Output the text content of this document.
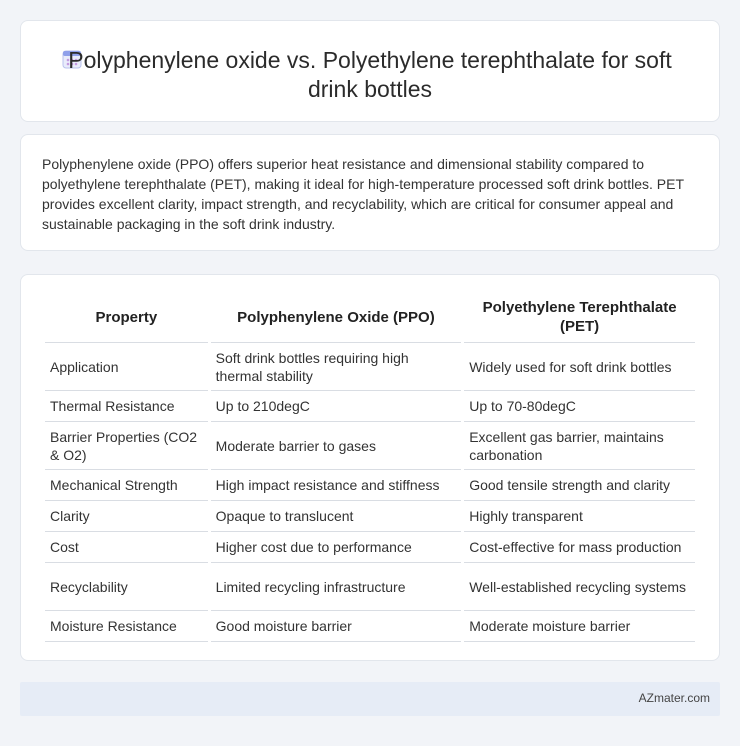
Polyphenylene oxide vs. Polyethylene terephthalate for soft drink bottles

Polyphenylene oxide (PPO) offers superior heat resistance and dimensional stability compared to polyethylene terephthalate (PET), making it ideal for high-temperature processed soft drink bottles. PET provides excellent clarity, impact strength, and recyclability, which are critical for consumer appeal and sustainable packaging in the soft drink industry.

Property	Polyphenylene Oxide (PPO)	Polyethylene Terephthalate (PET)
Application	Soft drink bottles requiring high thermal stability	Widely used for soft drink bottles
Thermal Resistance	Up to 210degC	Up to 70-80degC
Barrier Properties (CO2 & O2)	Moderate barrier to gases	Excellent gas barrier, maintains carbonation
Mechanical Strength	High impact resistance and stiffness	Good tensile strength and clarity
Clarity	Opaque to translucent	Highly transparent
Cost	Higher cost due to performance	Cost-effective for mass production
Recyclability	Limited recycling infrastructure	Well-established recycling systems
Moisture Resistance	Good moisture barrier	Moderate moisture barrier
AZmater.com
